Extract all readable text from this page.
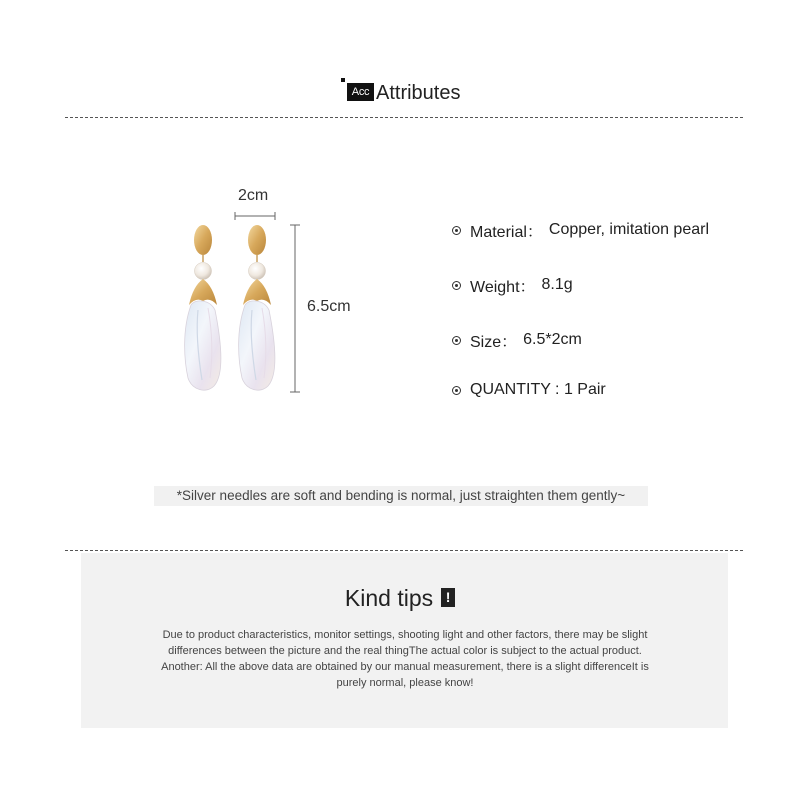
Acc Attributes
2cm
6.5cm
Material： Copper, imitation pearl
Weight： 8.1g
Size： 6.5*2cm
QUANTITY : 1 Pair
*Silver needles are soft and bending is normal, just straighten them gently~
Kind tips !
Due to product characteristics, monitor settings, shooting light and other factors, there may be slight
differences between the picture and the real thingThe actual color is subject to the actual product.
Another: All the above data are obtained by our manual measurement, there is a slight differenceIt is
purely normal, please know!
